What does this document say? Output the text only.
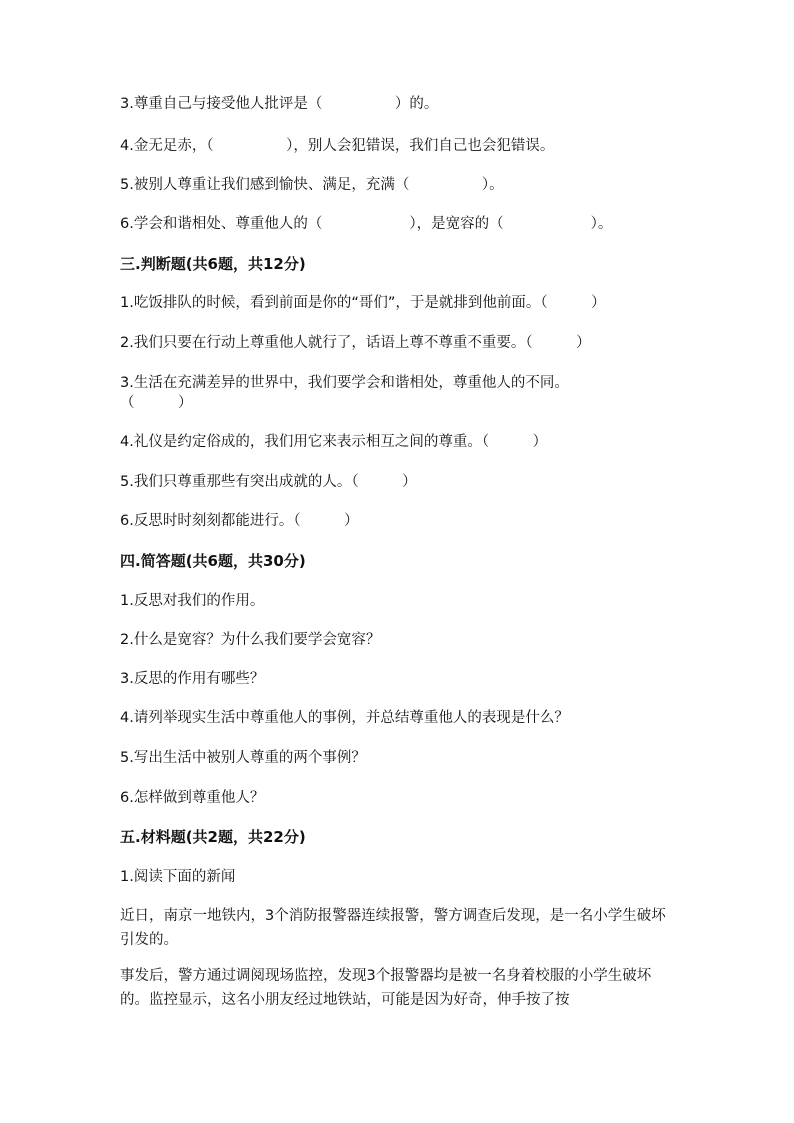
3.尊重自己与接受他人批评是（　　　　　）的。
4.金无足赤，（　　　　　），别人会犯错误，我们自己也会犯错误。
5.被别人尊重让我们感到愉快、满足，充满（　　　　　）。
6.学会和谐相处、尊重他人的（　　　　　　），是宽容的（　　　　　　）。
三.判断题(共6题，共12分)
1.吃饭排队的时候，看到前面是你的“哥们”，于是就排到他前面。（　　　）
2.我们只要在行动上尊重他人就行了，话语上尊不尊重不重要。（　　　）
3.生活在充满差异的世界中，我们要学会和谐相处，尊重他人的不同。
（　　　）
4.礼仪是约定俗成的，我们用它来表示相互之间的尊重。（　　　）
5.我们只尊重那些有突出成就的人。（　　　）
6.反思时时刻刻都能进行。（　　　）
四.简答题(共6题，共30分)
1.反思对我们的作用。
2.什么是宽容？为什么我们要学会宽容？
3.反思的作用有哪些？
4.请列举现实生活中尊重他人的事例，并总结尊重他人的表现是什么？
5.写出生活中被别人尊重的两个事例？
6.怎样做到尊重他人？
五.材料题(共2题，共22分)
1.阅读下面的新闻
近日，南京一地铁内，3个消防报警器连续报警，警方调查后发现，是一名小学生破坏引发的。
事发后，警方通过调阅现场监控，发现3个报警器均是被一名身着校服的小学生破坏的。监控显示，这名小朋友经过地铁站，可能是因为好奇，伸手按了按
